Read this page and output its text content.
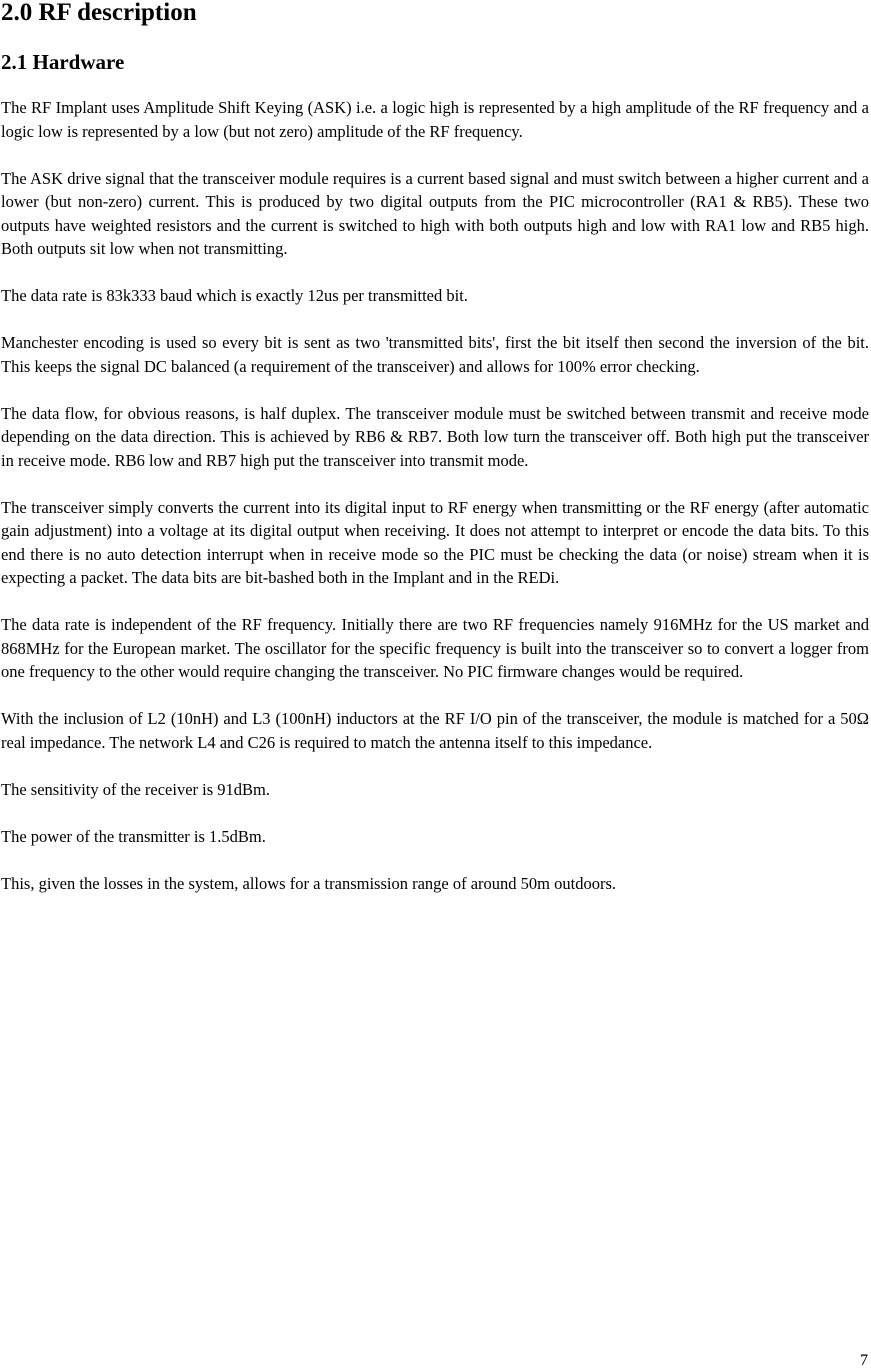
2.0 RF description
2.1 Hardware

The RF Implant uses Amplitude Shift Keying (ASK) i.e. a logic high is represented by a high amplitude of the RF frequency and a logic low is represented by a low (but not zero) amplitude of the RF frequency.

The ASK drive signal that the transceiver module requires is a current based signal and must switch between a higher current and a lower (but non-zero) current. This is produced by two digital outputs from the PIC microcontroller (RA1 & RB5). These two outputs have weighted resistors and the current is switched to high with both outputs high and low with RA1 low and RB5 high. Both outputs sit low when not transmitting.

The data rate is 83k333 baud which is exactly 12us per transmitted bit.

Manchester encoding is used so every bit is sent as two 'transmitted bits', first the bit itself then second the inversion of the bit. This keeps the signal DC balanced (a requirement of the transceiver) and allows for 100% error checking.

The data flow, for obvious reasons, is half duplex. The transceiver module must be switched between transmit and receive mode depending on the data direction. This is achieved by RB6 & RB7. Both low turn the transceiver off. Both high put the transceiver in receive mode. RB6 low and RB7 high put the transceiver into transmit mode.

The transceiver simply converts the current into its digital input to RF energy when transmitting or the RF energy (after automatic gain adjustment) into a voltage at its digital output when receiving. It does not attempt to interpret or encode the data bits. To this end there is no auto detection interrupt when in receive mode so the PIC must be checking the data (or noise) stream when it is expecting a packet. The data bits are bit-bashed both in the Implant and in the REDi.

The data rate is independent of the RF frequency. Initially there are two RF frequencies namely 916MHz for the US market and 868MHz for the European market. The oscillator for the specific frequency is built into the transceiver so to convert a logger from one frequency to the other would require changing the transceiver. No PIC firmware changes would be required.

With the inclusion of L2 (10nH) and L3 (100nH) inductors at the RF I/O pin of the transceiver, the module is matched for a 50Ω real impedance. The network L4 and C26 is required to match the antenna itself to this impedance.

The sensitivity of the receiver is 91dBm.

The power of the transmitter is 1.5dBm.

This, given the losses in the system, allows for a transmission range of around 50m outdoors.

7
